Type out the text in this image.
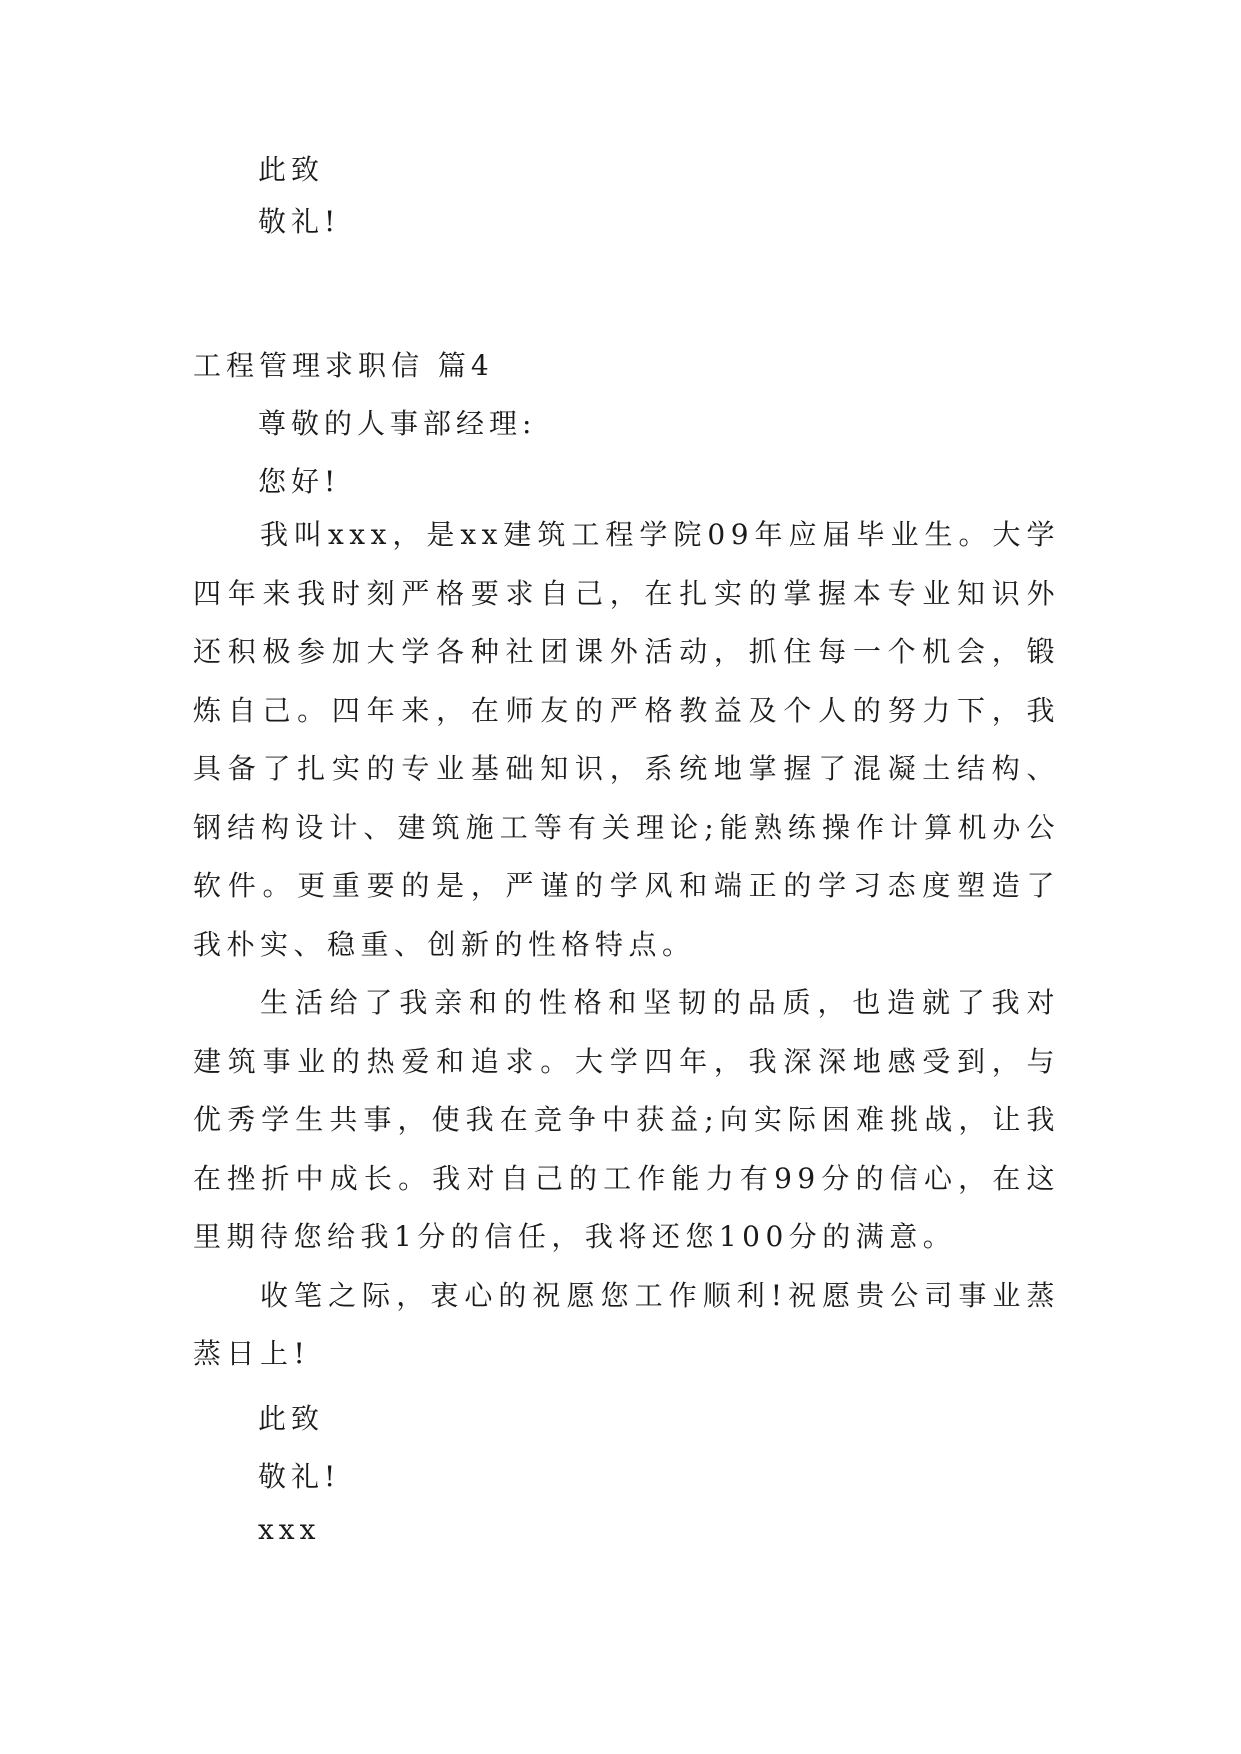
此致
敬礼!
工程管理求职信 篇4
尊敬的人事部经理:
您好!

我叫xxx，是xx建筑工程学院09年应届毕业生。大学四年来我时刻严格要求自己，在扎实的掌握本专业知识外还积极参加大学各种社团课外活动，抓住每一个机会，锻炼自己。四年来，在师友的严格教益及个人的努力下，我具备了扎实的专业基础知识，系统地掌握了混凝土结构、钢结构设计、建筑施工等有关理论;能熟练操作计算机办公软件。更重要的是，严谨的学风和端正的学习态度塑造了我朴实、稳重、创新的性格特点。

生活给了我亲和的性格和坚韧的品质，也造就了我对建筑事业的热爱和追求。大学四年，我深深地感受到，与优秀学生共事，使我在竞争中获益;向实际困难挑战，让我在挫折中成长。我对自己的工作能力有99分的信心，在这里期待您给我1分的信任，我将还您100分的满意。

收笔之际，衷心的祝愿您工作顺利!祝愿贵公司事业蒸蒸日上!

此致
敬礼!
xxx
